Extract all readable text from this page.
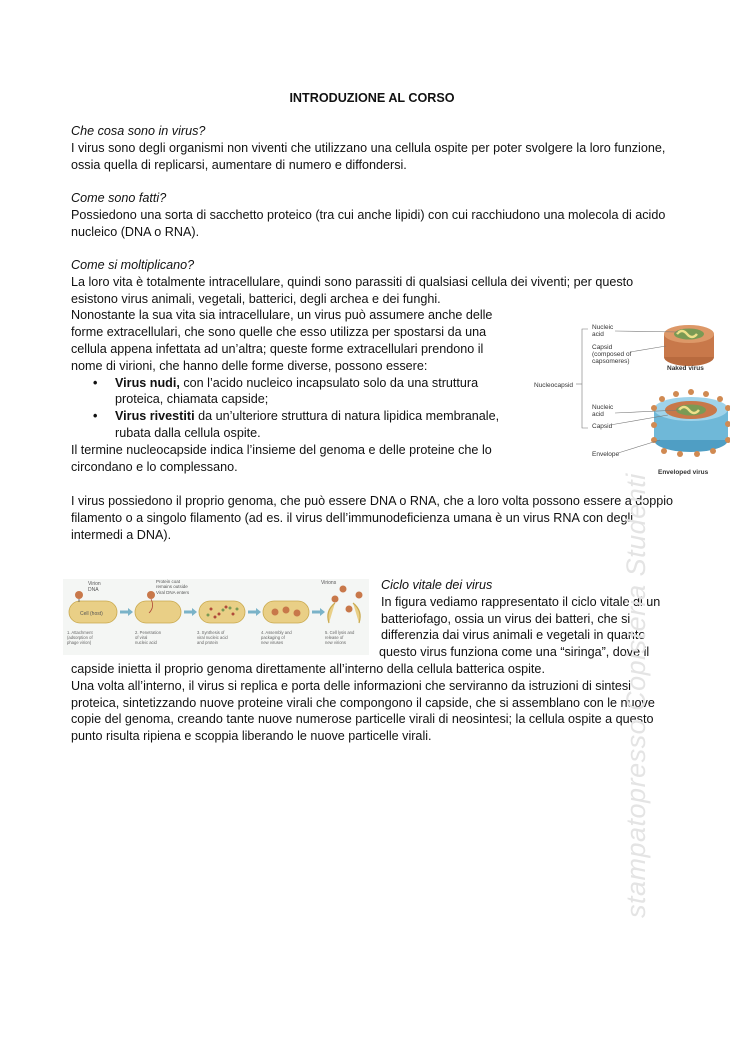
INTRODUZIONE AL CORSO

Che cosa sono in virus?

I virus sono degli organismi non viventi che utilizzano una cellula ospite per poter svolgere la loro funzione,

ossia quella di replicarsi, aumentare di numero e diffondersi.

Come sono fatti?

Possiedono una sorta di sacchetto proteico (tra cui anche lipidi) con cui racchiudono una molecola di acido

nucleico (DNA o RNA).

Come si moltiplicano?

La loro vita è totalmente intracellulare, quindi sono parassiti di qualsiasi cellula dei viventi; per questo

esistono virus animali, vegetali, batterici, degli archea e dei funghi.

Nonostante la sua vita sia intracellulare, un virus può assumere anche delle

forme extracellulari, che sono quelle che esso utilizza per spostarsi da una

cellula appena infettata ad un’altra; queste forme extracellulari prendono il

nome di virioni, che hanno delle forme diverse, possono essere:

• Virus nudi, con l’acido nucleico incapsulato solo da una struttura
proteica, chiamata capside;
• Virus rivestiti da un’ulteriore struttura di natura lipidica membranale,
rubata dalla cellula ospite.

Il termine nucleocapside indica l’insieme del genoma e delle proteine che lo

circondano e lo complessano.

Nucleic
acid
Capsid
(composed of
capsomeres)
Naked virus
Nucleocapsid
Nucleic
acid
Capsid
Envelope
Enveloped virus

I virus possiedono il proprio genoma, che può essere DNA o RNA, che a loro volta possono essere a doppio

filamento o a singolo filamento (ad es. il virus dell’immunodeficienza umana è un virus RNA con degli

intermedi a DNA).

Cell (host)
Virion
DNA
Protein coat
remains outside
Viral DNA enters
Virions
1. Attachment
(adsorption of
phage virion)
2. Penetration
of viral
nucleic acid
3. Synthesis of
viral nucleic acid
and protein
4. Assembly and
packaging of
new viruses
5. Cell lysis and
release of
new virions

Ciclo vitale dei virus

In figura vediamo rappresentato il ciclo vitale di un

batteriofago, ossia un virus dei batteri, che si

differenzia dai virus animali e vegetali in quanto

questo virus funziona come una “siringa”, dove il

capside inietta il proprio genoma direttamente all’interno della cellula batterica ospite.

Una volta all’interno, il virus si replica e porta delle informazioni che serviranno da istruzioni di sintesi

proteica, sintetizzando nuove proteine virali che compongono il capside, che si assemblano con le nuove

copie del genoma, creando tante nuove numerose particelle virali di neosintesi; la cellula ospite a questo

punto risulta ripiena e scoppia liberando le nuove particelle virali.	stampatopresso Copisteria Studenti
